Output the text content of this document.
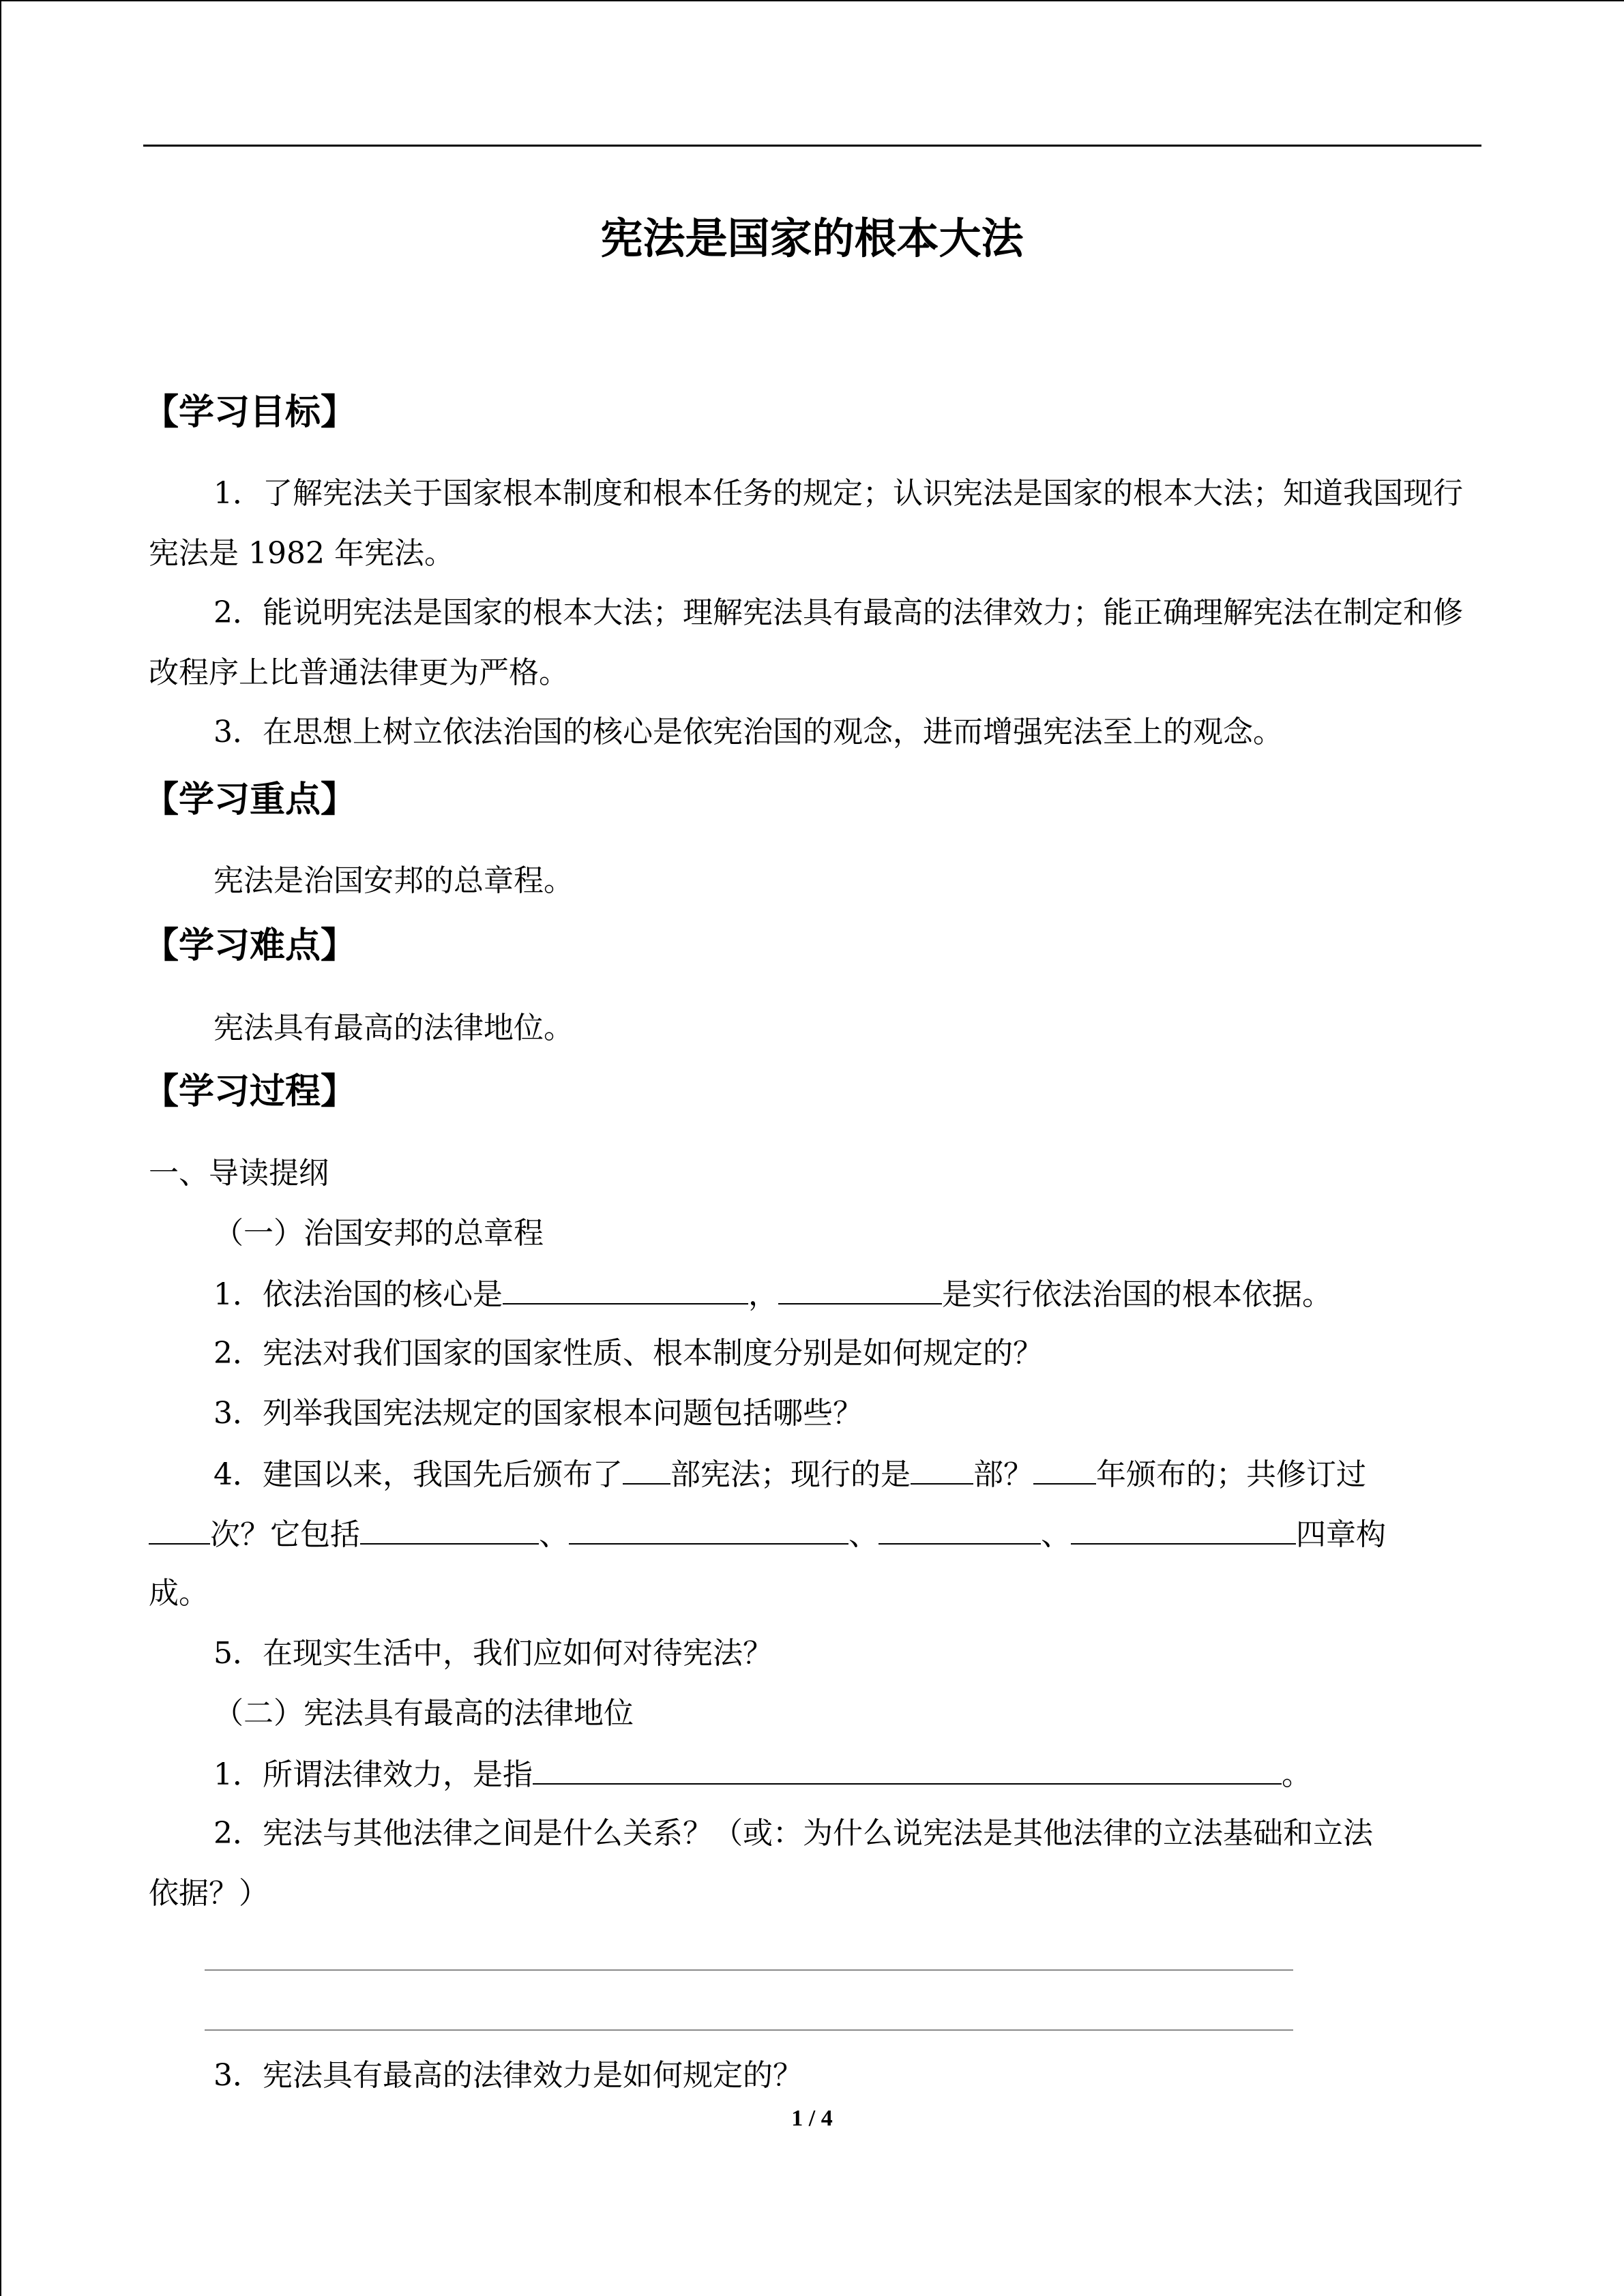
宪法是国家的根本大法
【学习目标】
1．了解宪法关于国家根本制度和根本任务的规定；认识宪法是国家的根本大法；知道我国现行宪法是 1982 年宪法。
2．能说明宪法是国家的根本大法；理解宪法具有最高的法律效力；能正确理解宪法在制定和修改程序上比普通法律更为严格。
3．在思想上树立依法治国的核心是依宪治国的观念，进而增强宪法至上的观念。
【学习重点】
宪法是治国安邦的总章程。
【学习难点】
宪法具有最高的法律地位。
【学习过程】
一、导读提纲
（一）治国安邦的总章程
1．依法治国的核心是	，	是实行依法治国的根本依据。
2．宪法对我们国家的国家性质、根本制度分别是如何规定的？
3．列举我国宪法规定的国家根本问题包括哪些？
4．建国以来，我国先后颁布了 部宪法；现行的是 部？ 年颁布的；共修订过
次？它包括	、	、	、	四章构
成。
5．在现实生活中，我们应如何对待宪法？
（二）宪法具有最高的法律地位
1．所谓法律效力，是指	。
2．宪法与其他法律之间是什么关系？（或：为什么说宪法是其他法律的立法基础和立法
依据？）
3．宪法具有最高的法律效力是如何规定的？
1 / 4
